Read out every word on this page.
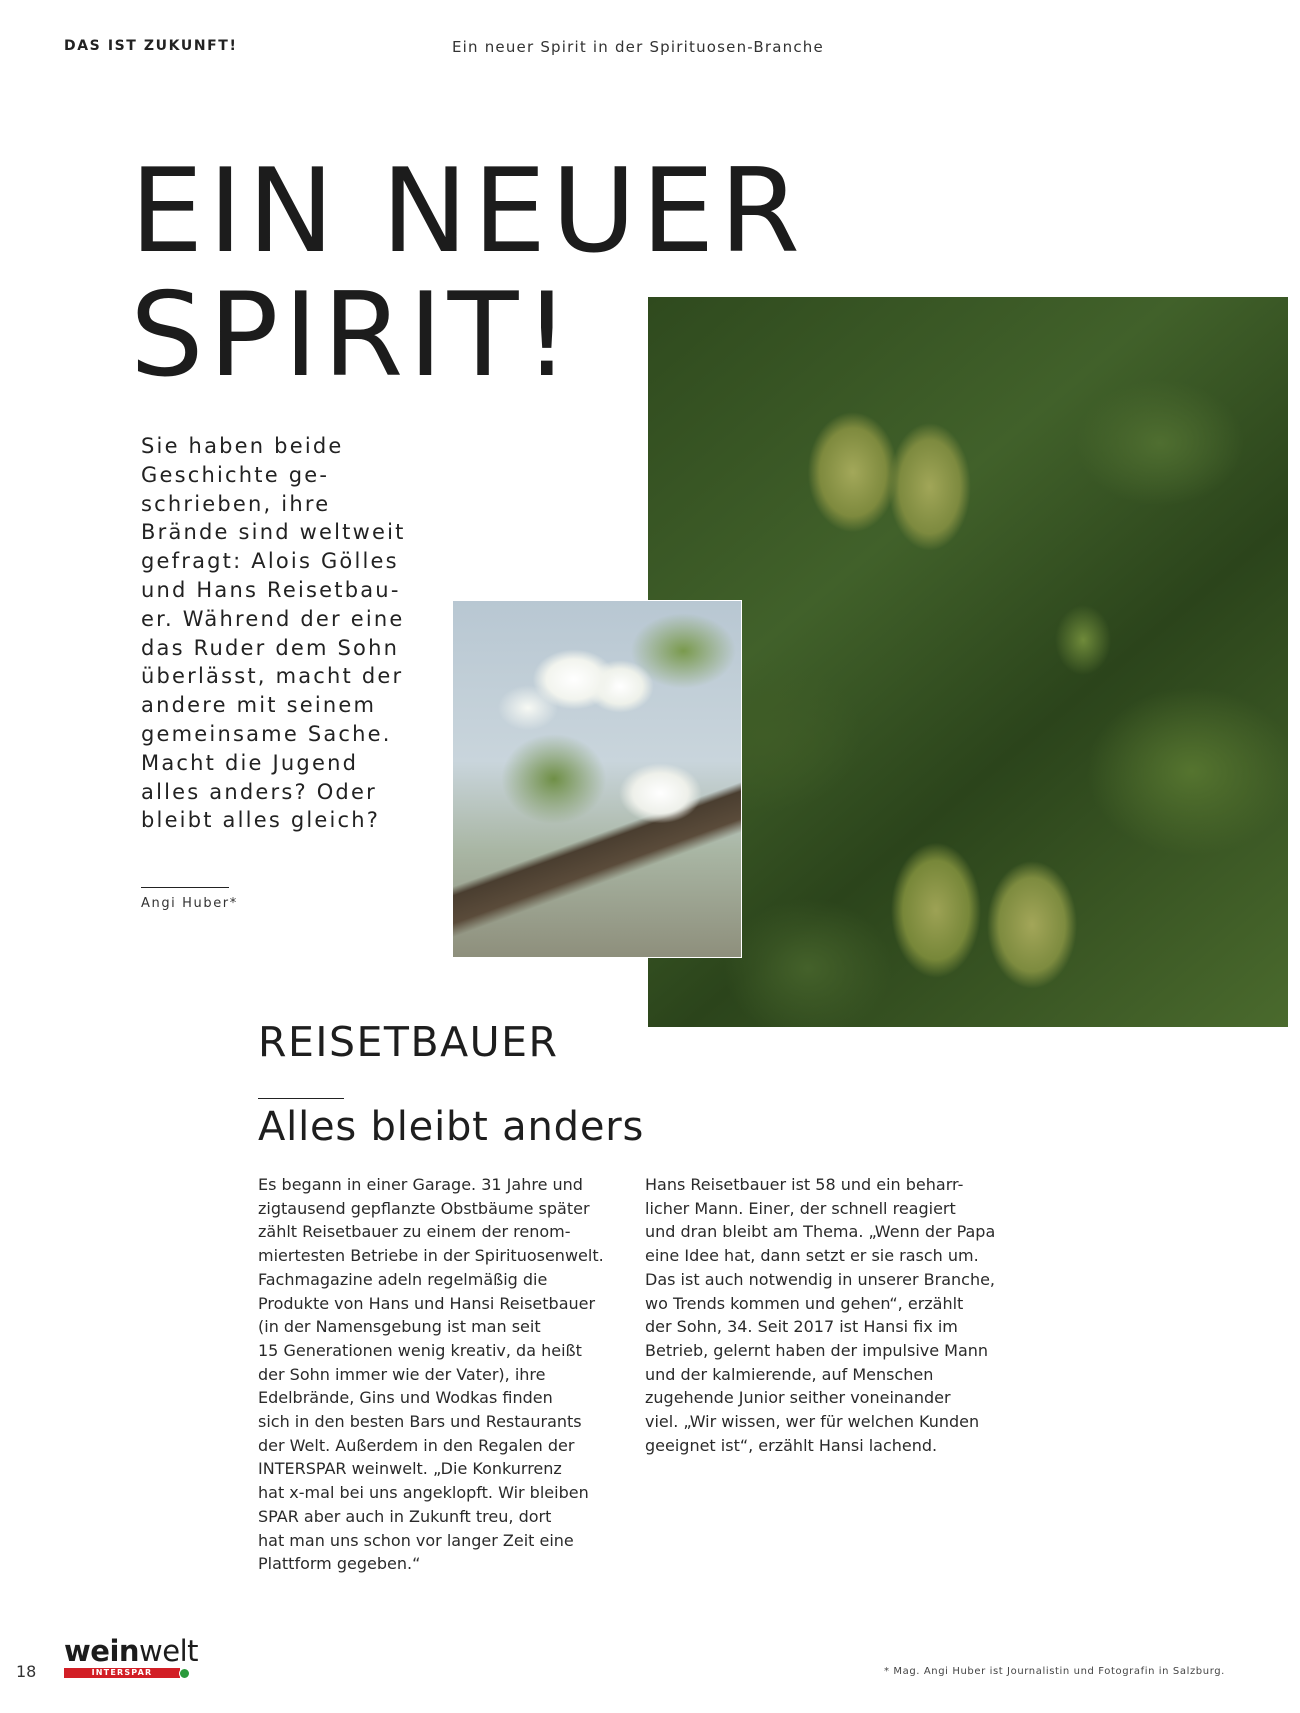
DAS IST ZUKUNFT!	Ein neuer Spirit in der Spirituosen-Branche
EIN NEUER
SPIRIT!

Sie haben beide
Geschichte ge-
schrieben, ihre
Brände sind weltweit
gefragt: Alois Gölles
und Hans Reisetbau-
er. Während der eine
das Ruder dem Sohn
überlässt, macht der
andere mit seinem
gemeinsame Sache.
Macht die Jugend
alles anders? Oder
bleibt alles gleich?

Angi Huber*
REISETBAUER
Alles bleibt anders

Es begann in einer Garage. 31 Jahre und
zigtausend gepflanzte Obstbäume später
zählt Reisetbauer zu einem der renom-
miertesten Betriebe in der Spirituosenwelt.
Fachmagazine adeln regelmäßig die
Produkte von Hans und Hansi Reisetbauer
(in der Namensgebung ist man seit
15 Generationen wenig kreativ, da heißt
der Sohn immer wie der Vater), ihre
Edelbrände, Gins und Wodkas finden
sich in den besten Bars und Restaurants
der Welt. Außerdem in den Regalen der
INTERSPAR weinwelt. „Die Konkurrenz
hat x-mal bei uns angeklopft. Wir bleiben
SPAR aber auch in Zukunft treu, dort
hat man uns schon vor langer Zeit eine
Plattform gegeben.“

Hans Reisetbauer ist 58 und ein beharr-
licher Mann. Einer, der schnell reagiert
und dran bleibt am Thema. „Wenn der Papa
eine Idee hat, dann setzt er sie rasch um.
Das ist auch notwendig in unserer Branche,
wo Trends kommen und gehen“, erzählt
der Sohn, 34. Seit 2017 ist Hansi fix im
Betrieb, gelernt haben der impulsive Mann
und der kalmierende, auf Menschen
zugehende Junior seither voneinander
viel. „Wir wissen, wer für welchen Kunden
geeignet ist“, erzählt Hansi lachend.

18
weinwelt
INTERSPAR	* Mag. Angi Huber ist Journalistin und Fotografin in Salzburg.
